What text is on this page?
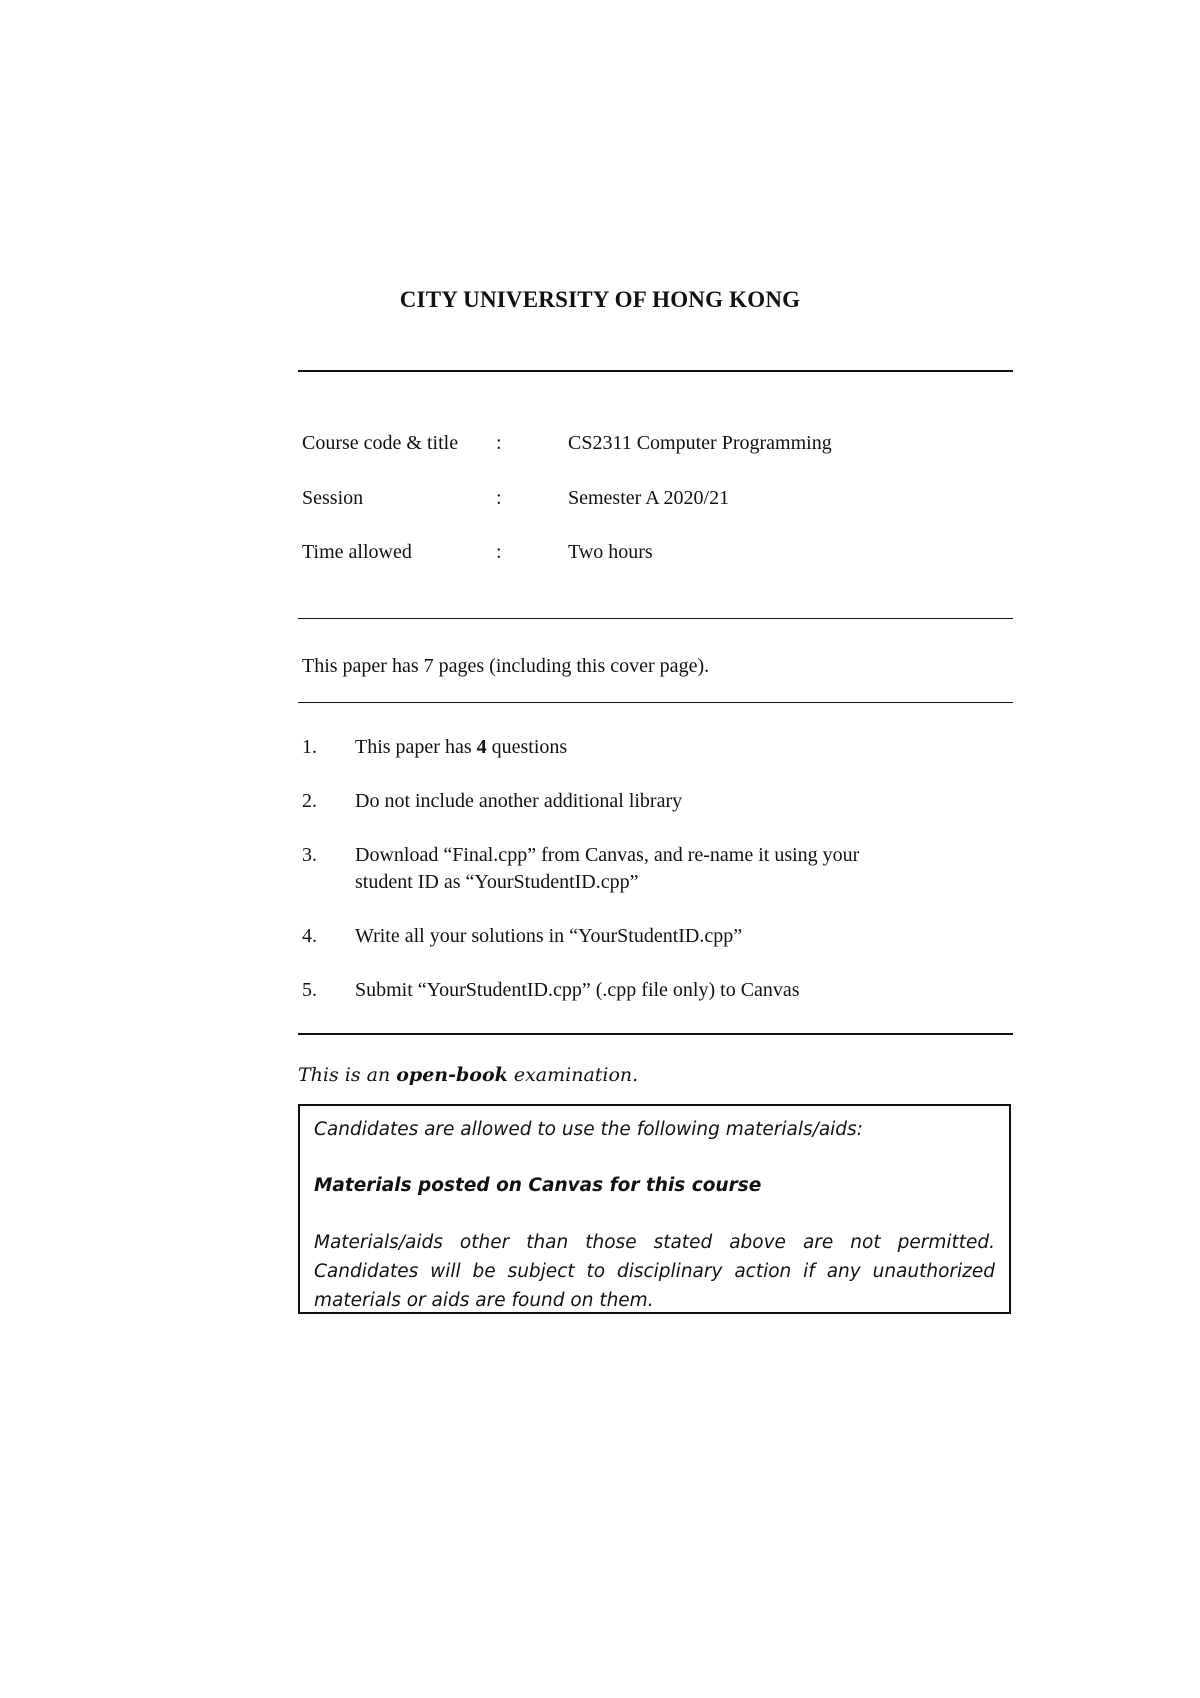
CITY UNIVERSITY OF HONG KONG
Course code & title :	CS2311 Computer Programming
Session	:	Semester A 2020/21
Time allowed	:	Two hours
This paper has 7 pages (including this cover page).
1. This paper has 4 questions
2. Do not include another additional library
3. Download “Final.cpp” from Canvas, and re-name it using your
student ID as “YourStudentID.cpp”
4. Write all your solutions in “YourStudentID.cpp”
5. Submit “YourStudentID.cpp” (.cpp file only) to Canvas
This is an open-book examination.
Candidates are allowed to use the following materials/aids:
Materials posted on Canvas for this course
Materials/aids other than those stated above are not permitted. Candidates will be subject to disciplinary action if any unauthorized materials or aids are found on them.
